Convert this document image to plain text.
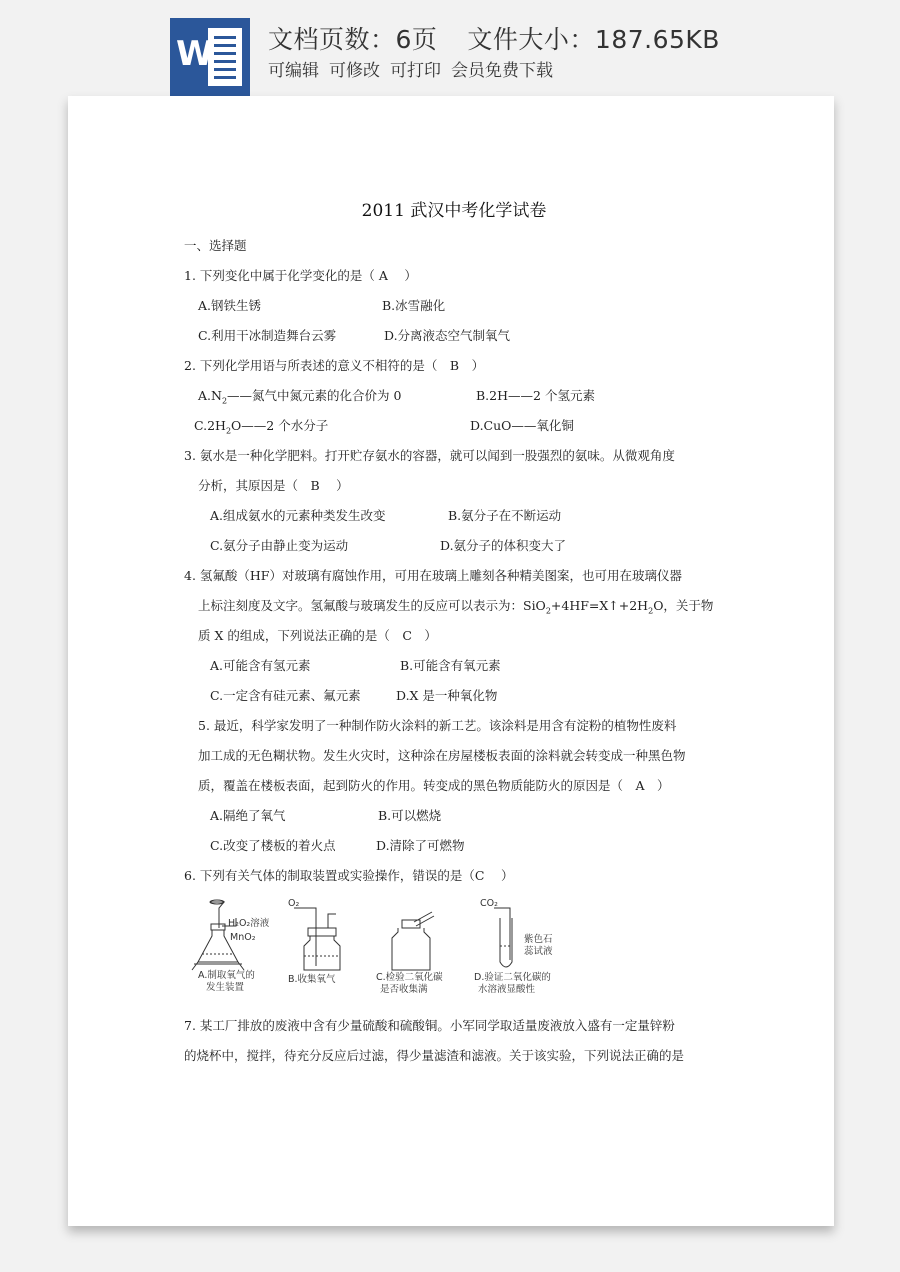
W 文档页数：6页 文件大小：187.65KB
可编辑 可修改 可打印 会员免费下载
2011 武汉中考化学试卷
一、选择题
1. 下列变化中属于化学变化的是（ A　 ）
A.钢铁生锈	B.冰雪融化
C.利用干冰制造舞台云雾	D.分离液态空气制氧气
2. 下列化学用语与所表述的意义不相符的是（　B　）
$A.N_2——$氮气中氮元素的化合价为 0	B.2H——2 个氢元素
$C.2H_2O——2$ 个水分子	D.CuO——氧化铜
3. 氨水是一种化学肥料。打开贮存氨水的容器，就可以闻到一股强烈的氨味。从微观角度
分析，其原因是（　B　 ）
A.组成氨水的元素种类发生改变	B.氨分子在不断运动
C.氨分子由静止变为运动	D.氨分子的体积变大了
4. 氢氟酸（HF）对玻璃有腐蚀作用，可用在玻璃上雕刻各种精美图案，也可用在玻璃仪器
上标注刻度及文字。氢氟酸与玻璃发生的反应可以表示为：$SiO_2+4HF=X↑+2H_2O$，关于物
质 X 的组成，下列说法正确的是（　C　）
A.可能含有氢元素	B.可能含有氧元素
C.一定含有硅元素、氟元素	D.X 是一种氧化物
5. 最近，科学家发明了一种制作防火涂料的新工艺。该涂料是用含有淀粉的植物性废料
加工成的无色糊状物。发生火灾时，这种涂在房屋楼板表面的涂料就会转变成一种黑色物
质，覆盖在楼板表面，起到防火的作用。转变成的黑色物质能防火的原因是（　A　）
A.隔绝了氧气	B.可以燃烧
C.改变了楼板的着火点	D.清除了可燃物
6. 下列有关气体的制取装置或实验操作，错误的是（C　 ）
H₂O₂溶液
MnO₂
A.制取氧气的
发生装置
O₂
B.收集氧气	C.检验二氧化碳
是否收集满
CO₂
紫色石
蕊试液
D.验证二氧化碳的
水溶液显酸性
7. 某工厂排放的废液中含有少量硫酸和硫酸铜。小军同学取适量废液放入盛有一定量锌粉
的烧杯中，搅拌，待充分反应后过滤，得少量滤渣和滤液。关于该实验，下列说法正确的是
